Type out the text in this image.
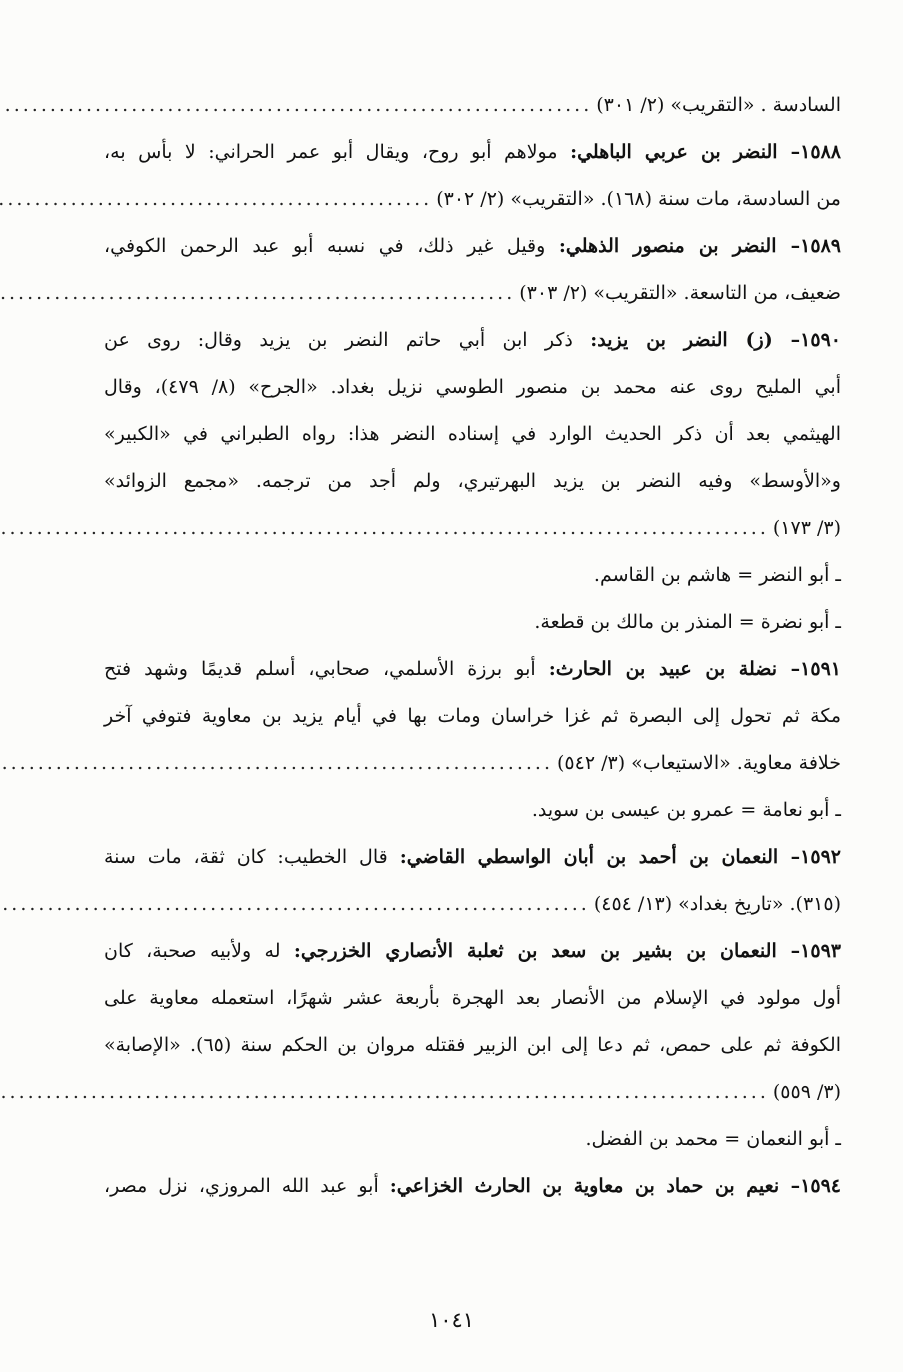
السادسة . «التقريب» (٢/ ٣٠١)
.....
١٥٨٨– النضر بن عربي الباهلي: مولاهم أبو روح، ويقال أبو عمر الحراني: لا بأس به،
من السادسة، مات سنة (١٦٨). «التقريب» (٢/ ٣٠٢)
.....
١٥٨٩– النضر بن منصور الذهلي: وقيل غير ذلك، في نسبه أبو عبد الرحمن الكوفي،
ضعيف، من التاسعة. «التقريب» (٢/ ٣٠٣)
.....
١٥٩٠– (ز) النضر بن يزيد: ذكر ابن أبي حاتم النضر بن يزيد وقال: روى عن
أبي المليح روى عنه محمد بن منصور الطوسي نزيل بغداد. «الجرح» (٨/ ٤٧٩)، وقال
الهيثمي بعد أن ذكر الحديث الوارد في إسناده النضر هذا: رواه الطبراني في «الكبير»
و«الأوسط» وفيه النضر بن يزيد البهرتيري، ولم أجد من ترجمه. «مجمع الزوائد»
(٣/ ١٧٣)
.....
ـ أبو النضر = هاشم بن القاسم.
ـ أبو نضرة = المنذر بن مالك بن قطعة.
١٥٩١– نضلة بن عبيد بن الحارث: أبو برزة الأسلمي، صحابي، أسلم قديمًا وشهد فتح
مكة ثم تحول إلى البصرة ثم غزا خراسان ومات بها في أيام يزيد بن معاوية فتوفي آخر
خلافة معاوية. «الاستيعاب» (٣/ ٥٤٢)
.....
ـ أبو نعامة = عمرو بن عيسى بن سويد.
١٥٩٢– النعمان بن أحمد بن أبان الواسطي القاضي: قال الخطيب: كان ثقة، مات سنة
(٣١٥). «تاريخ بغداد» (١٣/ ٤٥٤)
.....
١٥٩٣– النعمان بن بشير بن سعد بن ثعلبة الأنصاري الخزرجي: له ولأبيه صحبة، كان
أول مولود في الإسلام من الأنصار بعد الهجرة بأربعة عشر شهرًا، استعمله معاوية على
الكوفة ثم على حمص، ثم دعا إلى ابن الزبير فقتله مروان بن الحكم سنة (٦٥). «الإصابة»
(٣/ ٥٥٩)
.....
ـ أبو النعمان = محمد بن الفضل.
١٥٩٤– نعيم بن حماد بن معاوية بن الحارث الخزاعي: أبو عبد الله المروزي، نزل مصر،
١٠٤١
